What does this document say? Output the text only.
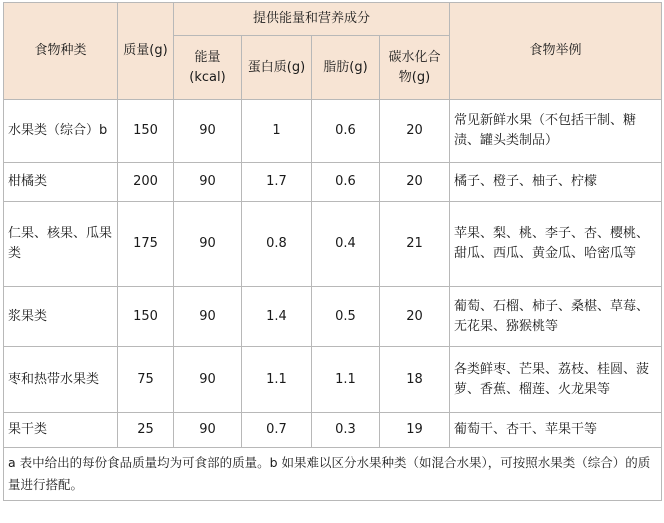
食物种类	质量(g)	提供能量和营养成分				食物举例
		能量(kcal)	蛋白质(g)	脂肪(g)	碳水化合物(g)	
水果类（综合）b	150	90	1	0.6	20	常见新鲜水果（不包括干制、糖渍、罐头类制品）
柑橘类	200	90	1.7	0.6	20	橘子、橙子、柚子、柠檬
仁果、核果、瓜果类	175	90	0.8	0.4	21	苹果、梨、桃、李子、杏、樱桃、甜瓜、西瓜、黄金瓜、哈密瓜等
浆果类	150	90	1.4	0.5	20	葡萄、石榴、柿子、桑椹、草莓、无花果、猕猴桃等
枣和热带水果类	75	90	1.1	1.1	18	各类鲜枣、芒果、荔枝、桂圆、菠萝、香蕉、榴莲、火龙果等
果干类	25	90	0.7	0.3	19	葡萄干、杏干、苹果干等
a 表中给出的每份食品质量均为可食部的质量。b 如果难以区分水果种类（如混合水果），可按照水果类（综合）的质量进行搭配。						
